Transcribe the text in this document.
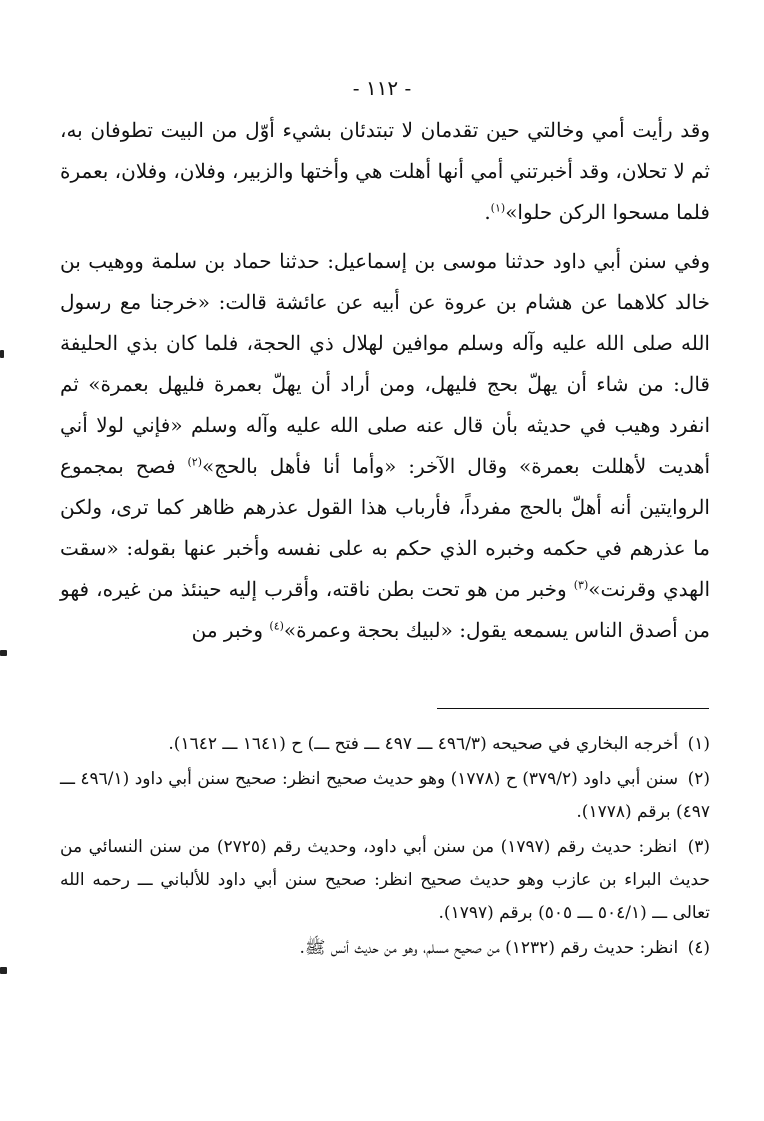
- ١١٢ -

وقد رأيت أمي وخالتي حين تقدمان لا تبتدئان بشيء أوّل من البيت تطوفان به، ثم لا تحلان، وقد أخبرتني أمي أنها أهلت هي وأختها والزبير، وفلان، وفلان، بعمرة فلما مسحوا الركن حلوا»$^{(١)}$.

وفي سنن أبي داود حدثنا موسى بن إسماعيل: حدثنا حماد بن سلمة ووهيب بن خالد كلاهما عن هشام بن عروة عن أبيه عن عائشة قالت: «خرجنا مع رسول الله صلى الله عليه وآله وسلم موافين لهلال ذي الحجة، فلما كان بذي الحليفة قال: من شاء أن يهلّ بحج فليهل، ومن أراد أن يهلّ بعمرة فليهل بعمرة» ثم انفرد وهيب في حديثه بأن قال عنه صلى الله عليه وآله وسلم «فإني لولا أني أهديت لأهللت بعمرة» وقال الآخر: «وأما أنا فأهل بالحج»$^{(٢)}$ فصح بمجموع الروايتين أنه أهلّ بالحج مفرداً، فأرباب هذا القول عذرهم ظاهر كما ترى، ولكن ما عذرهم في حكمه وخبره الذي حكم به على نفسه وأخبر عنها بقوله: «سقت الهدي وقرنت»$^{(٣)}$ وخبر من هو تحت بطن ناقته، وأقرب إليه حينئذ من غيره، فهو من أصدق الناس يسمعه يقول: «لبيك بحجة وعمرة»$^{(٤)}$ وخبر من

(١) أخرجه البخاري في صحيحه (٤٩٦/٣ ـــ ٤٩٧ ـــ فتح ـــ) ح (١٦٤١ ـــ ١٦٤٢).

(٢) سنن أبي داود (٣٧٩/٢) ح (١٧٧٨) وهو حديث صحيح انظر: صحيح سنن أبي داود (٤٩٦/١ ـــ ٤٩٧) برقم (١٧٧٨).

(٣) انظر: حديث رقم (١٧٩٧) من سنن أبي داود، وحديث رقم (٢٧٢٥) من سنن النسائي من حديث البراء بن عازب وهو حديث صحيح انظر: صحيح سنن أبي داود للألباني ـــ رحمه الله تعالى ـــ (٥٠٤/١ ـــ ٥٠٥) برقم (١٧٩٧).

(٤) انظر: حديث رقم (١٢٣٢) من صحيح مسلم، وهو من حديث أنس ﷺ.
